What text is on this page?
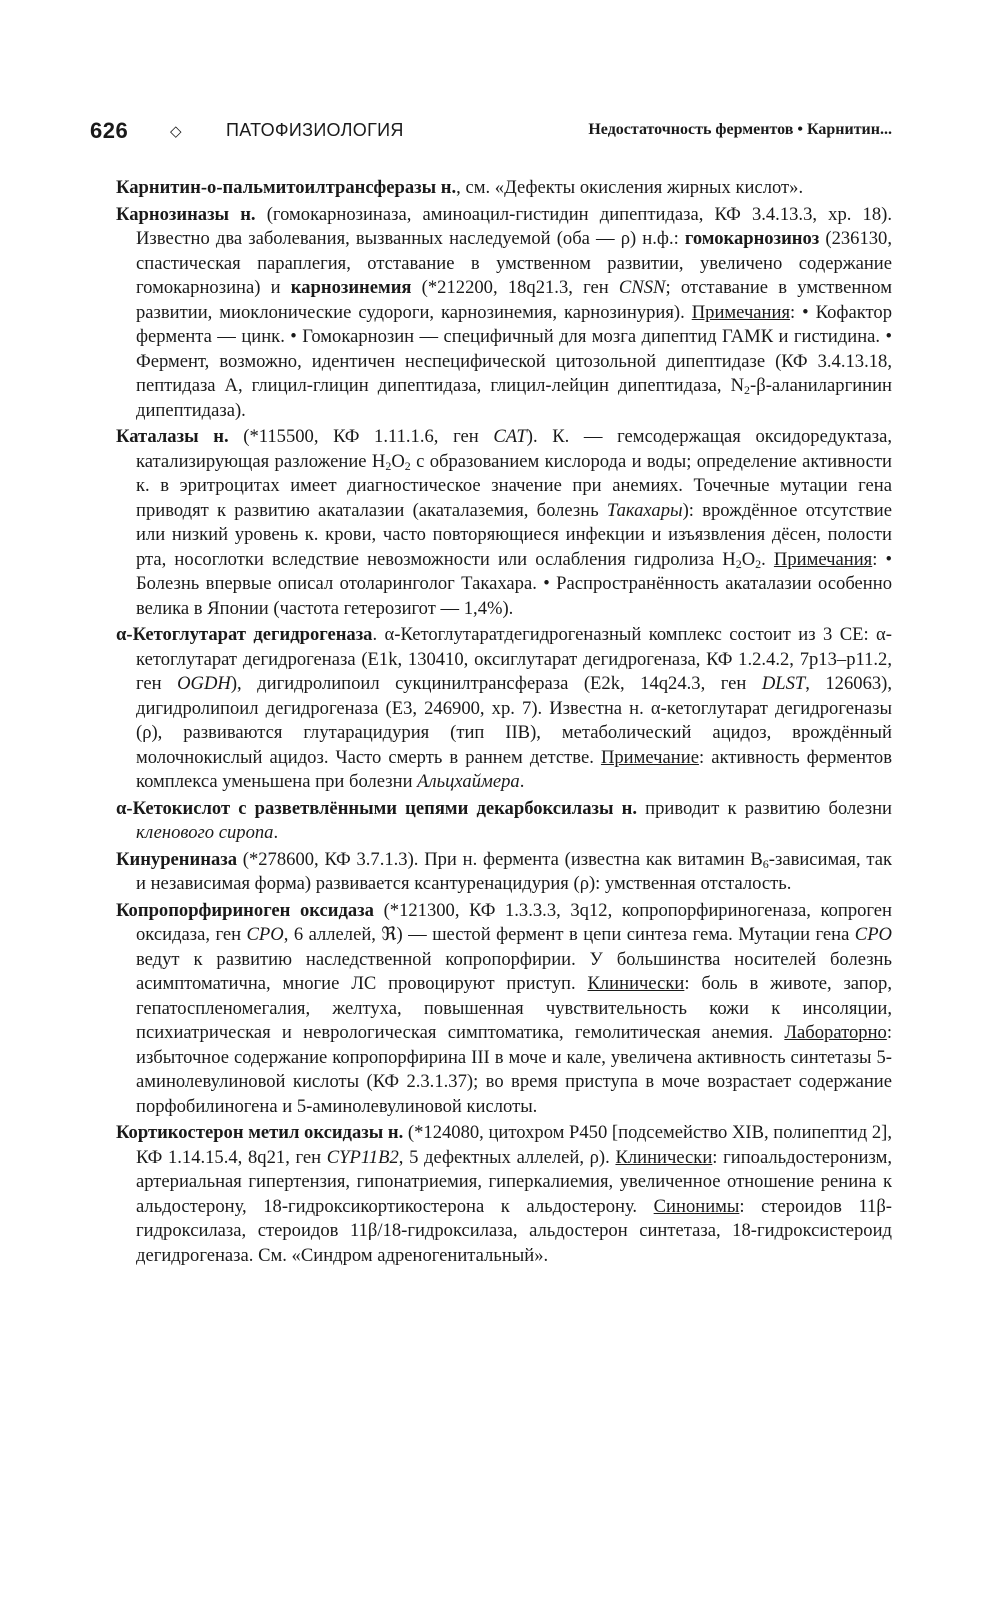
626	◇ ПАТОФИЗИОЛОГИЯ	Недостаточность ферментов • Карнитин...

Карнитин-о-пальмитоилтрансферазы н., см. «Дефекты окисления жирных кислот».

Карнозиназы н. (гомокарнозиназа, аминоацил-гистидин дипептидаза, КФ 3.4.13.3, хр. 18). Известно два заболевания, вызванных наследуемой (оба — ρ) н.ф.: гомокарнозиноз (236130, спастическая параплегия, отставание в умственном развитии, увеличено содержание гомокарнозина) и карнозинемия (*212200, 18q21.3, ген CNSN; отставание в умственном развитии, миоклонические судороги, карнозинемия, карнозинурия). Примечания: • Кофактор фермента — цинк. • Гомокарнозин — специфичный для мозга дипептид ГАМК и гистидина. • Фермент, возможно, идентичен неспецифической цитозольной дипептидазе (КФ 3.4.13.18, пептидаза А, глицил-глицин дипептидаза, глицил-лейцин дипептидаза, $N_2-\beta$-аланиларгинин дипептидаза).

Каталазы н. (*115500, КФ 1.11.1.6, ген CAT). К. — гемсодержащая оксидоредуктаза, катализирующая разложение $H_2O_2$ с образованием кислорода и воды; определение активности к. в эритроцитах имеет диагностическое значение при анемиях. Точечные мутации гена приводят к развитию акаталазии (акаталаземия, болезнь Такахары): врождённое отсутствие или низкий уровень к. крови, часто повторяющиеся инфекции и изъязвления дёсен, полости рта, носоглотки вследствие невозможности или ослабления гидролиза $H_2O_2$. Примечания: • Болезнь впервые описал отоларинголог Такахара. • Распространённость акаталазии особенно велика в Японии (частота гетерозигот — 1,4%).

α-Кетоглутарат дегидрогеназа. α-Кетоглутаратдегидрогеназный комплекс состоит из 3 СЕ: α-кетоглутарат дегидрогеназа (E1k, 130410, оксиглутарат дегидрогеназа, КФ 1.2.4.2, 7p13–p11.2, ген OGDH), дигидролипоил сукцинилтрансфераза (E2k, 14q24.3, ген DLST, 126063), дигидролипоил дегидрогеназа (E3, 246900, хр. 7). Известна н. α-кетоглутарат дегидрогеназы (ρ), развиваются глутарацидурия (тип IIB), метаболический ацидоз, врождённый молочнокислый ацидоз. Часто смерть в раннем детстве. Примечание: активность ферментов комплекса уменьшена при болезни Альцхаймера.

α-Кетокислот с разветвлёнными цепями декарбоксилазы н. приводит к развитию болезни кленового сиропа.

Кинурениназа (*278600, КФ 3.7.1.3). При н. фермента (известна как витамин $B_6$-зависимая, так и независимая форма) развивается ксантуренацидурия (ρ): умственная отсталость.

Копропорфириноген оксидаза (*121300, КФ 1.3.3.3, 3q12, копропорфириногеназа, копроген оксидаза, ген CPO, 6 аллелей, ℜ) — шестой фермент в цепи синтеза гема. Мутации гена CPO ведут к развитию наследственной копропорфирии. У большинства носителей болезнь асимптоматична, многие ЛС провоцируют приступ. Клинически: боль в животе, запор, гепатоспленомегалия, желтуха, повышенная чувствительность кожи к инсоляции, психиатрическая и неврологическая симптоматика, гемолитическая анемия. Лабораторно: избыточное содержание копропорфирина III в моче и кале, увеличена активность синтетазы 5-аминолевулиновой кислоты (КФ 2.3.1.37); во время приступа в моче возрастает содержание порфобилиногена и 5-аминолевулиновой кислоты.

Кортикостерон метил оксидазы н. (*124080, цитохром P450 [подсемейство XIB, полипептид 2], КФ 1.14.15.4, 8q21, ген CYP11B2, 5 дефектных аллелей, ρ). Клинически: гипоальдостеронизм, артериальная гипертензия, гипонатриемия, гиперкалиемия, увеличенное отношение ренина к альдостерону, 18-гидроксикортикостерона к альдостерону. Синонимы: стероидов 11β-гидроксилаза, стероидов 11β/18-гидроксилаза, альдостерон синтетаза, 18-гидроксистероид дегидрогеназа. См. «Синдром адреногенитальный».
